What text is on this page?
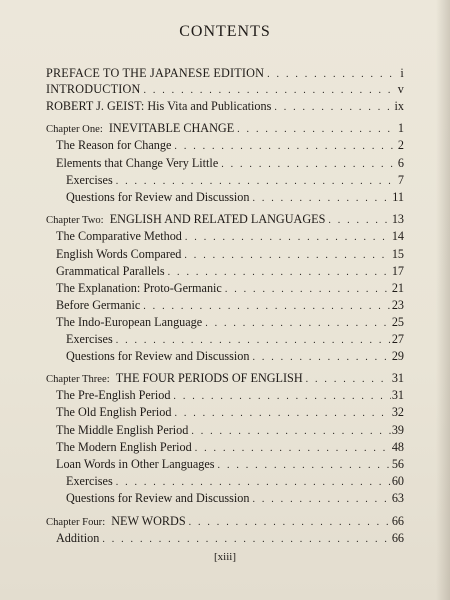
CONTENTS
PREFACE TO THE JAPANESE EDITION . . .	i
INTRODUCTION . . .	v
ROBERT J. GEIST: His Vita and Publications . . .	ix
Chapter One: INEVITABLE CHANGE . . .	1
The Reason for Change . . .	2
Elements that Change Very Little . . .	6
Exercises . . .	7
Questions for Review and Discussion . . .	11
Chapter Two: ENGLISH AND RELATED LANGUAGES . . .	13
The Comparative Method . . .	14
English Words Compared . . .	15
Grammatical Parallels . . .	17
The Explanation: Proto-Germanic . . .	21
Before Germanic . . .	23
The Indo-European Language . . .	25
Exercises . . .	27
Questions for Review and Discussion . . .	29
Chapter Three: THE FOUR PERIODS OF ENGLISH . . .	31
The Pre-English Period . . .	31
The Old English Period . . .	32
The Middle English Period . . .	39
The Modern English Period . . .	48
Loan Words in Other Languages . . .	56
Exercises . . .	60
Questions for Review and Discussion . . .	63
Chapter Four: NEW WORDS . . .	66
Addition . . .	66
[xiii]
